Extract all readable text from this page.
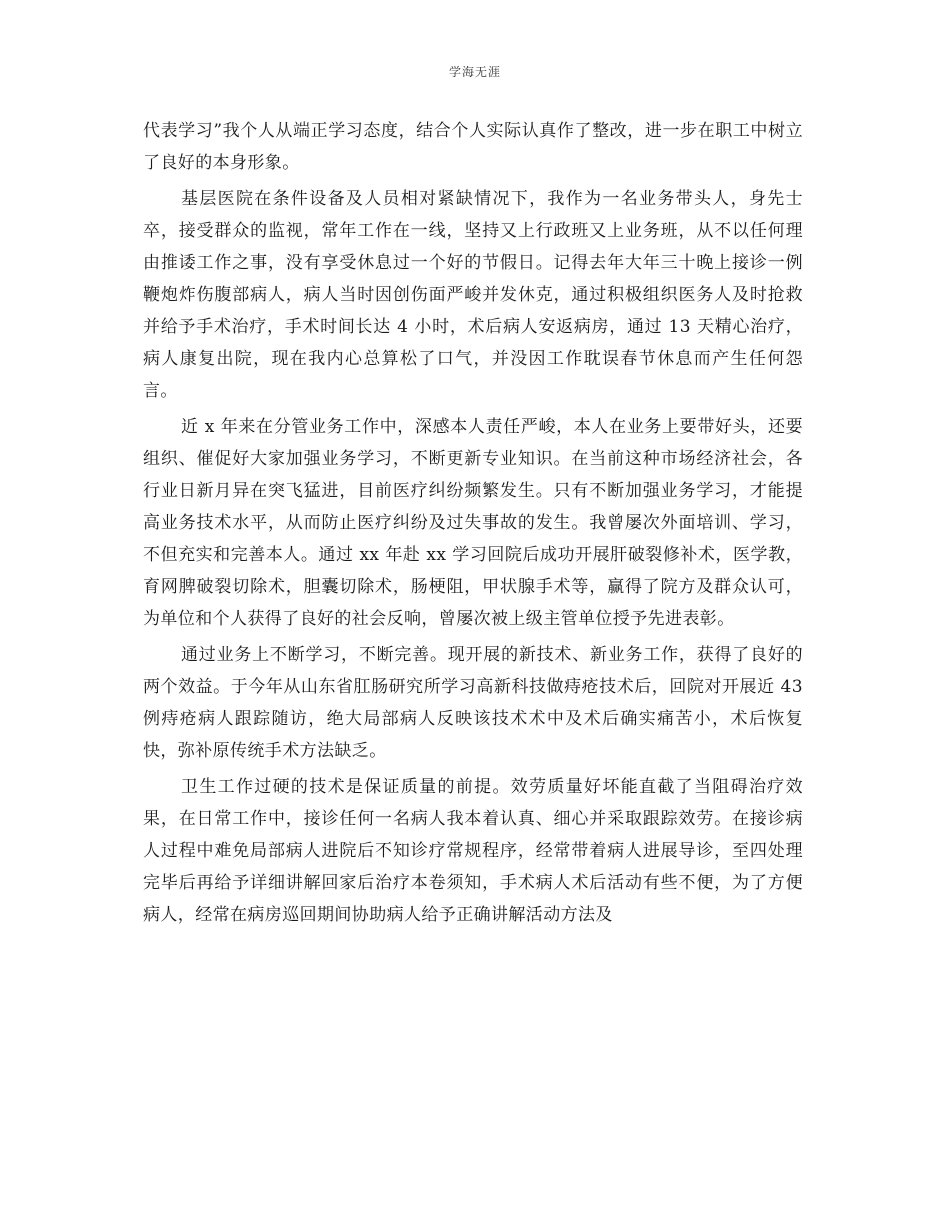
学海无涯

代表学习”我个人从端正学习态度，结合个人实际认真作了整改，进一步在职工中树立了良好的本身形象。

基层医院在条件设备及人员相对紧缺情况下，我作为一名业务带头人，身先士卒，接受群众的监视，常年工作在一线，坚持又上行政班又上业务班，从不以任何理由推诿工作之事，没有享受休息过一个好的节假日。记得去年大年三十晚上接诊一例鞭炮炸伤腹部病人，病人当时因创伤面严峻并发休克，通过积极组织医务人及时抢救并给予手术治疗，手术时间长达 4 小时，术后病人安返病房，通过 13 天精心治疗，病人康复出院，现在我内心总算松了口气，并没因工作耽误春节休息而产生任何怨言。

近 x 年来在分管业务工作中，深感本人责任严峻，本人在业务上要带好头，还要组织、催促好大家加强业务学习，不断更新专业知识。在当前这种市场经济社会，各行业日新月异在突飞猛进，目前医疗纠纷频繁发生。只有不断加强业务学习，才能提高业务技术水平，从而防止医疗纠纷及过失事故的发生。我曾屡次外面培训、学习，不但充实和完善本人。通过 xx 年赴 xx 学习回院后成功开展肝破裂修补术，医学教，育网脾破裂切除术，胆囊切除术，肠梗阻，甲状腺手术等，赢得了院方及群众认可，为单位和个人获得了良好的社会反响，曾屡次被上级主管单位授予先进表彰。

通过业务上不断学习，不断完善。现开展的新技术、新业务工作，获得了良好的两个效益。于今年从山东省肛肠研究所学习高新科技做痔疮技术后，回院对开展近 43 例痔疮病人跟踪随访，绝大局部病人反映该技术术中及术后确实痛苦小，术后恢复快，弥补原传统手术方法缺乏。

卫生工作过硬的技术是保证质量的前提。效劳质量好坏能直截了当阻碍治疗效果，在日常工作中，接诊任何一名病人我本着认真、细心并采取跟踪效劳。在接诊病人过程中难免局部病人进院后不知诊疗常规程序，经常带着病人进展导诊，至四处理完毕后再给予详细讲解回家后治疗本卷须知，手术病人术后活动有些不便，为了方便病人，经常在病房巡回期间协助病人给予正确讲解活动方法及
